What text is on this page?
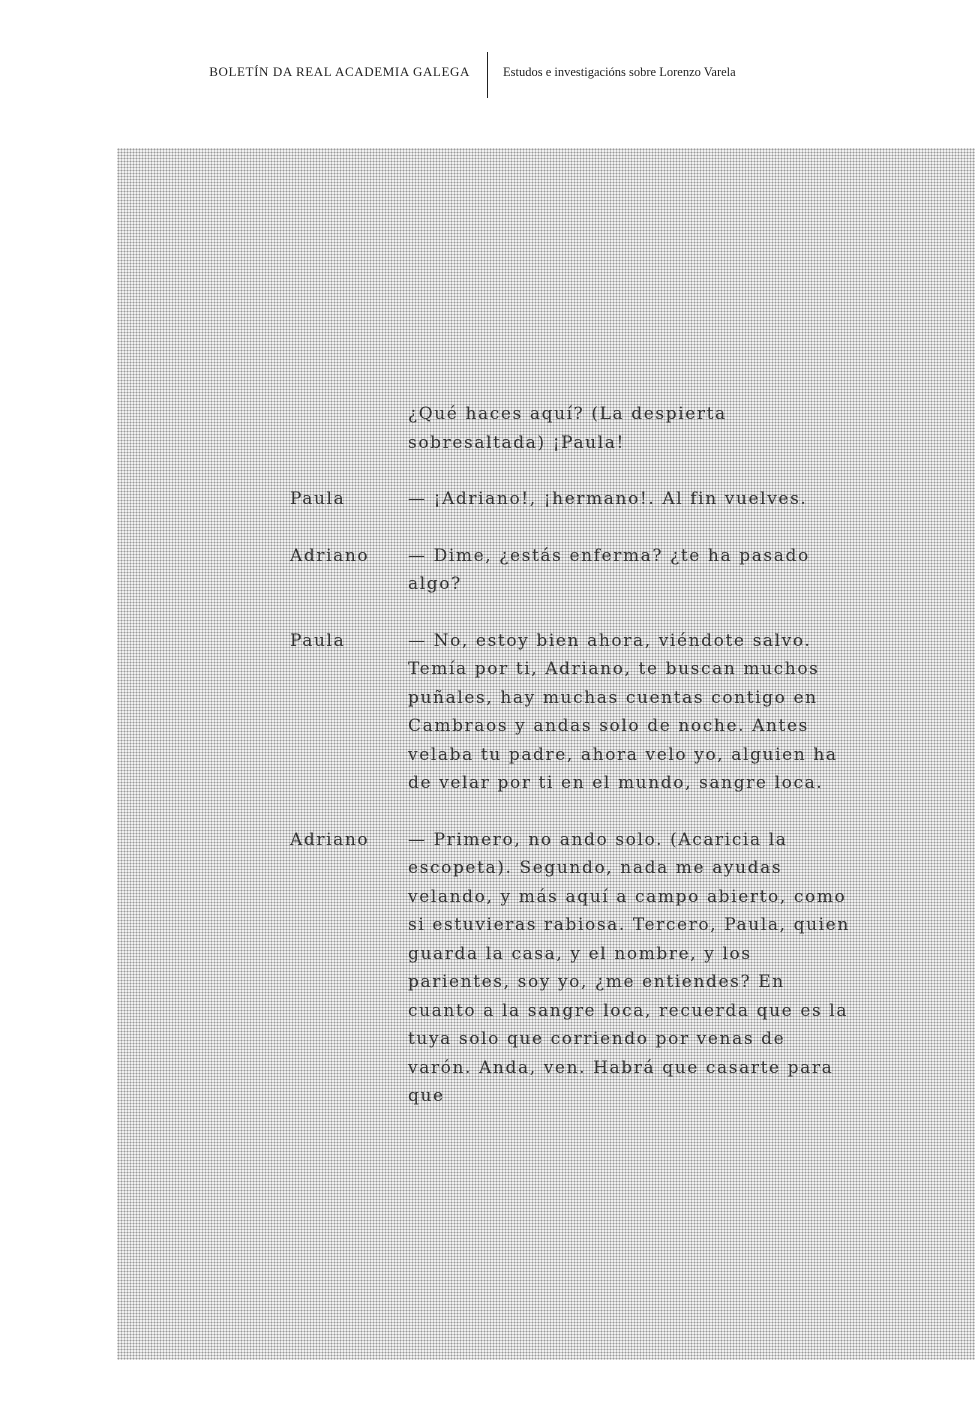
BOLETÍN DA REAL ACADEMIA GALEGA	Estudos e investigacións sobre Lorenzo Varela
¿Qué haces aquí? (La despierta sobresaltada) ¡Paula!
Paula	— ¡Adriano!, ¡hermano!. Al fin vuelves.
Adriano	— Dime, ¿estás enferma? ¿te ha pasado algo?
Paula	— No, estoy bien ahora, viéndote salvo. Temía por ti, Adriano, te buscan muchos puñales, hay muchas cuentas contigo en Cambraos y andas solo de noche. Antes velaba tu padre, ahora velo yo, alguien ha de velar por ti en el mundo, sangre loca.
Adriano	— Primero, no ando solo. (Acaricia la escopeta). Segundo, nada me ayudas velando, y más aquí a campo abierto, como si estuvieras rabiosa. Tercero, Paula, quien guarda la casa, y el nombre, y los parientes, soy yo, ¿me entiendes? En cuanto a la sangre loca, recuerda que es la tuya solo que corriendo por venas de varón. Anda, ven. Habrá que casarte para que
